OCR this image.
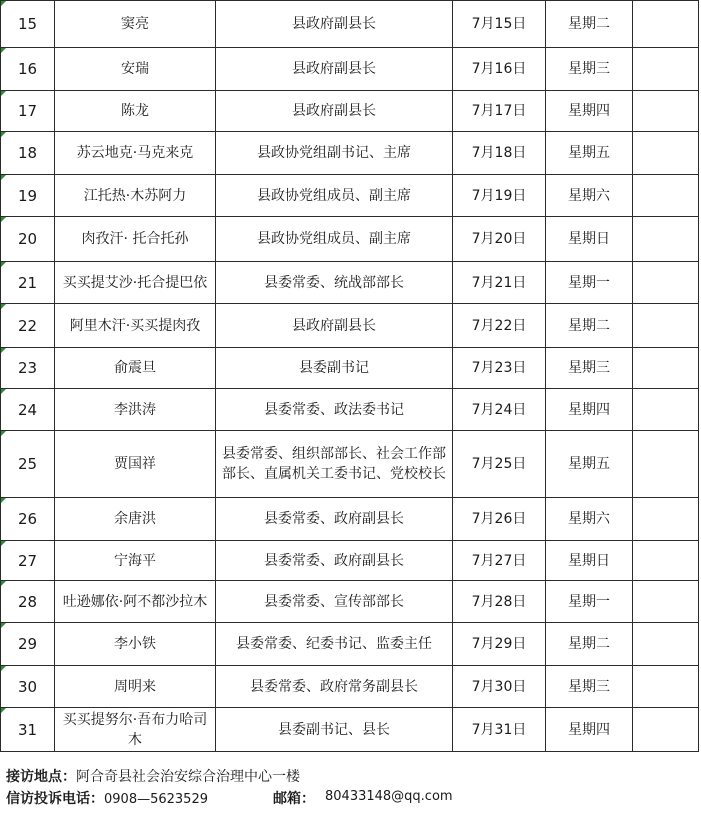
15	窦亮	县政府副县长	7月15日	星期二	
16	安瑞	县政府副县长	7月16日	星期三	
17	陈龙	县政府副县长	7月17日	星期四	
18	苏云地克·马克来克	县政协党组副书记、主席	7月18日	星期五	
19	江托热·木苏阿力	县政协党组成员、副主席	7月19日	星期六	
20	肉孜汗· 托合托孙	县政协党组成员、副主席	7月20日	星期日	
21	买买提艾沙·托合提巴依	县委常委、统战部部长	7月21日	星期一	
22	阿里木汗·买买提肉孜	县政府副县长	7月22日	星期二	
23	俞震旦	县委副书记	7月23日	星期三	
24	李洪涛	县委常委、政法委书记	7月24日	星期四	
25	贾国祥	县委常委、组织部部长、社会工作部部长、直属机关工委书记、党校校长	7月25日	星期五	
26	余唐洪	县委常委、政府副县长	7月26日	星期六	
27	宁海平	县委常委、政府副县长	7月27日	星期日	
28	吐逊娜依·阿不都沙拉木	县委常委、宣传部部长	7月28日	星期一	
29	李小铁	县委常委、纪委书记、监委主任	7月29日	星期二	
30	周明来	县委常委、政府常务副县长	7月30日	星期三	
31	买买提努尔·吾布力哈司木	县委副书记、县长	7月31日	星期四	
接访地点：阿合奇县社会治安综合治理中心一楼
信访投诉电话：0908—5623529	邮箱： 80433148@qq.com
